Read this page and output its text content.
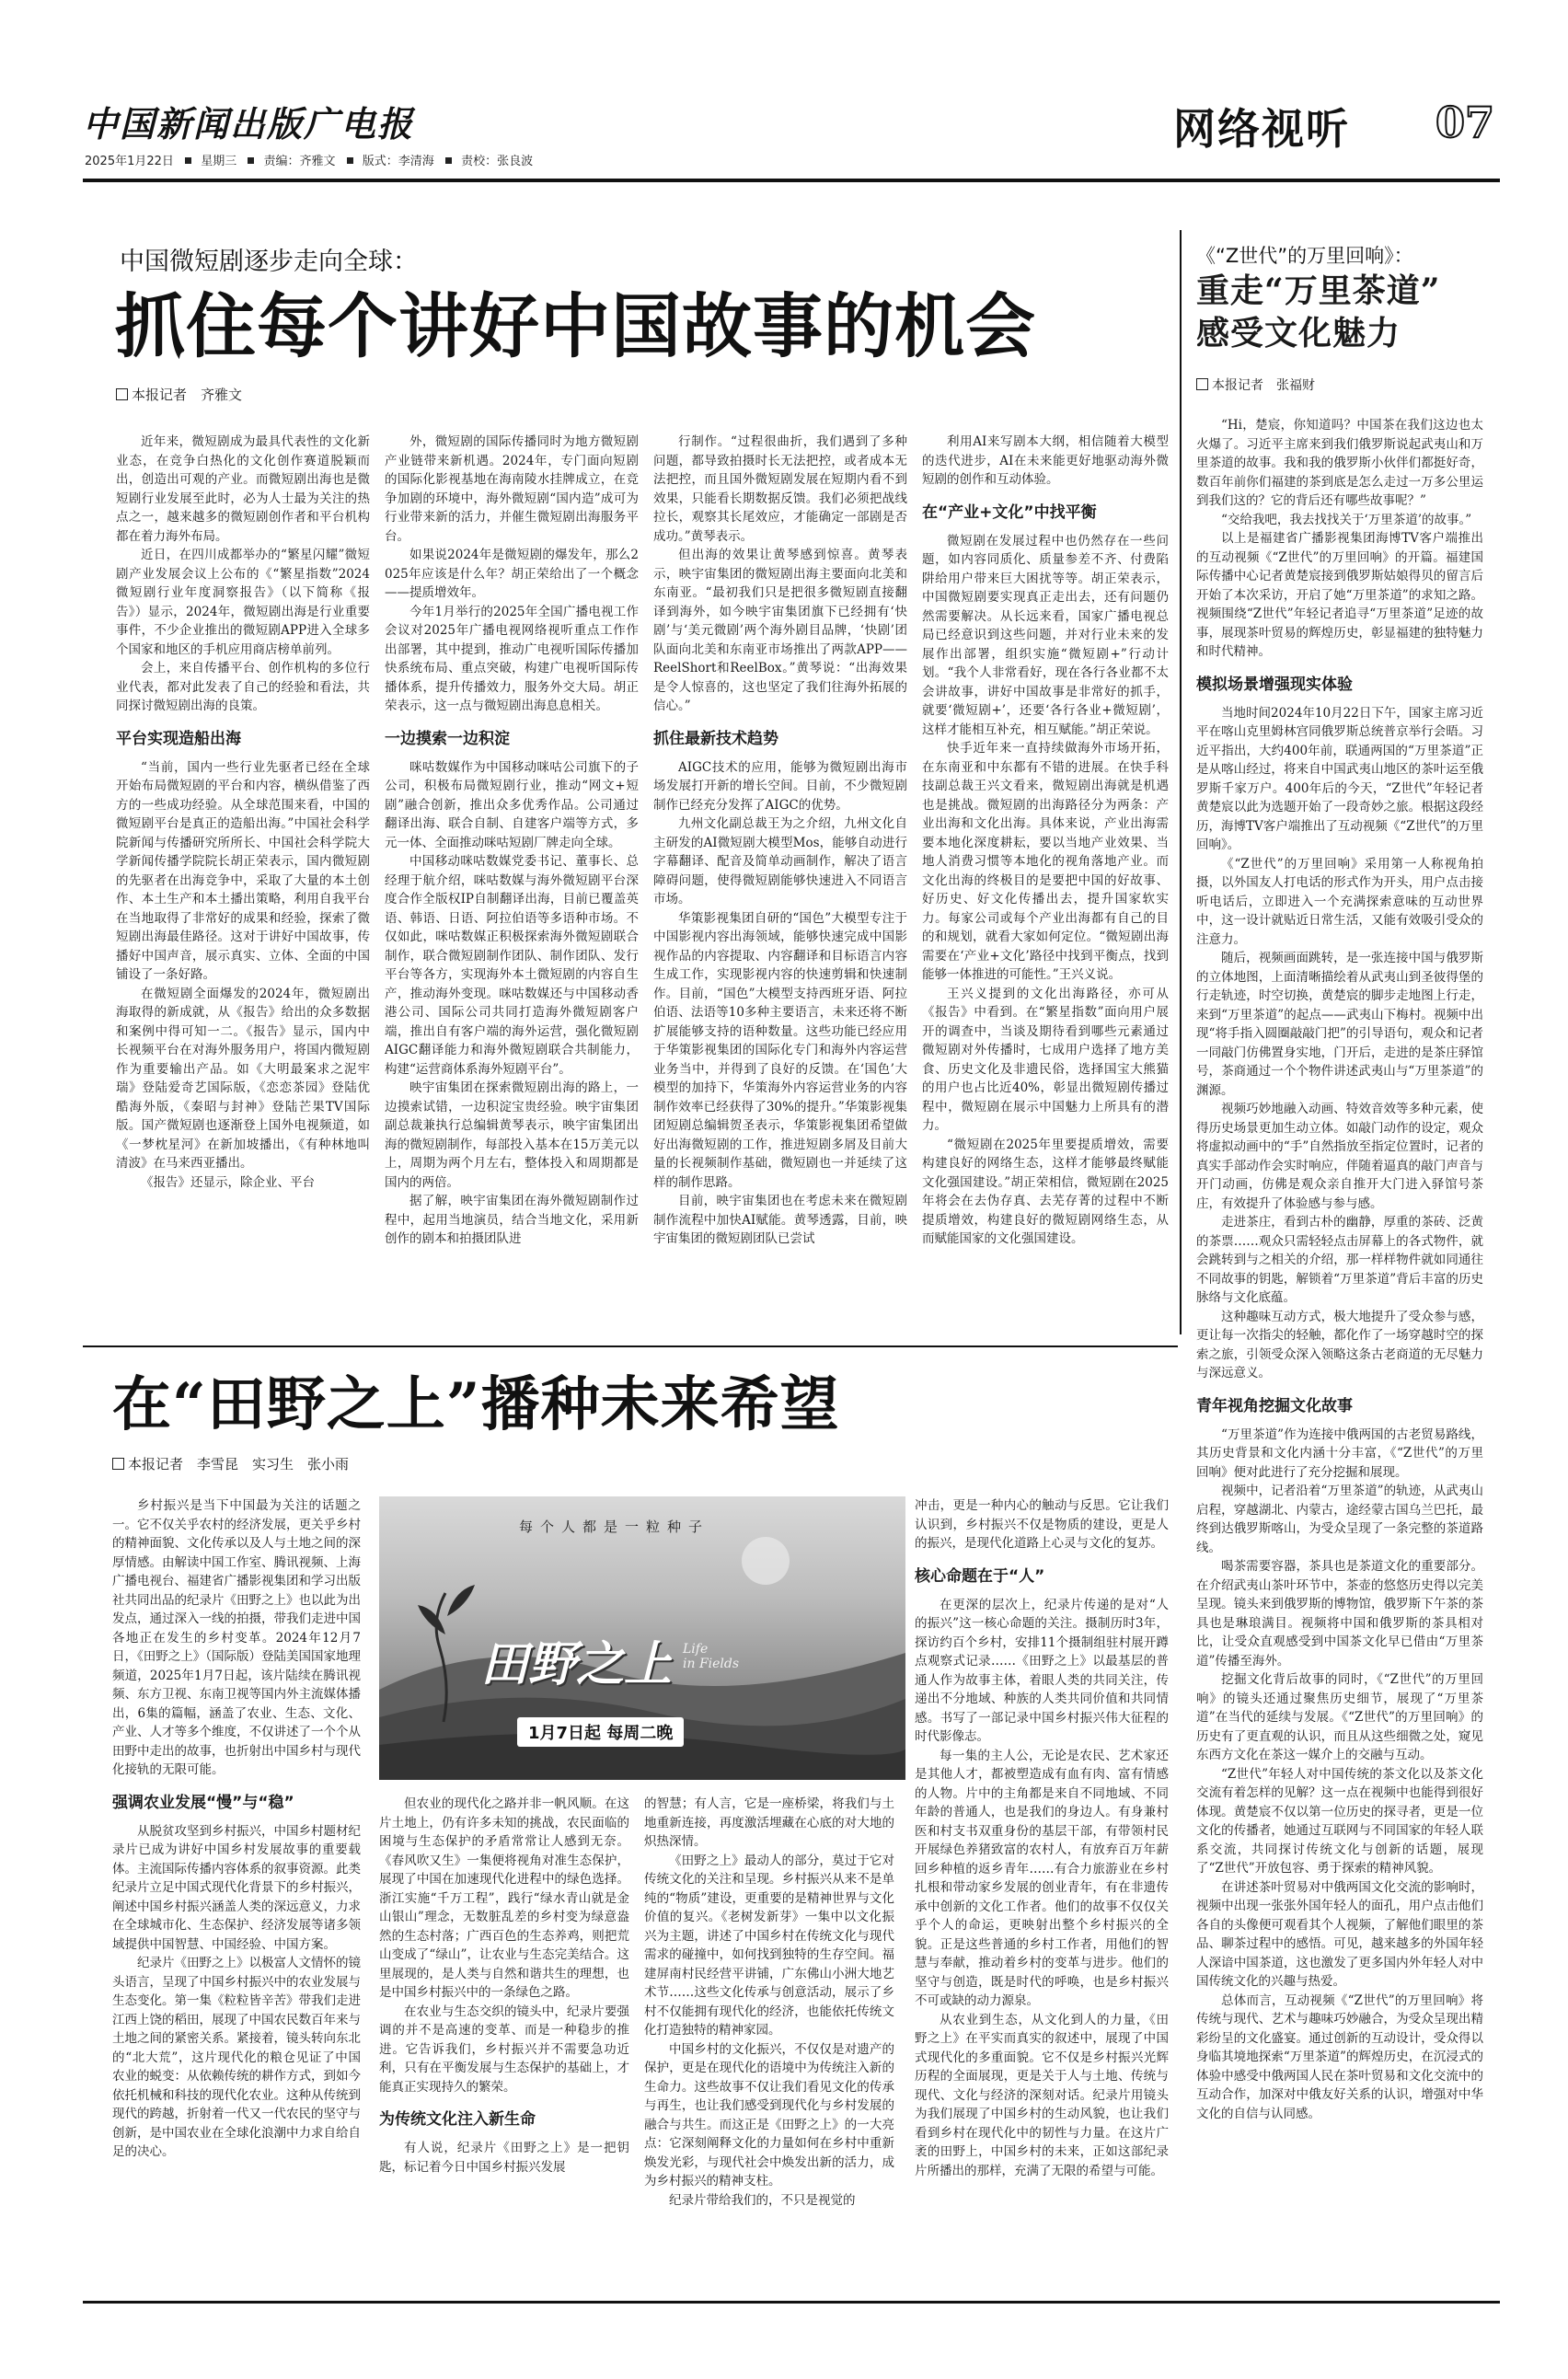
中国新闻出版广电报
2025年1月22日 星期三 责编：齐雅文 版式：李清海 责校：张良波
网络视听 07
中国微短剧逐步走向全球：
抓住每个讲好中国故事的机会
本报记者　齐雅文

近年来，微短剧成为最具代表性的文化新业态，在竞争白热化的文化创作赛道脱颖而出，创造出可观的产业。而微短剧出海也是微短剧行业发展至此时，必为人士最为关注的热点之一，越来越多的微短剧创作者和平台机构都在着力海外布局。

近日，在四川成都举办的“繁星闪耀”微短剧产业发展会议上公布的《“繁星指数”2024微短剧行业年度洞察报告》（以下简称《报告》）显示，2024年，微短剧出海是行业重要事件，不少企业推出的微短剧APP进入全球多个国家和地区的手机应用商店榜单前列。

会上，来自传播平台、创作机构的多位行业代表，都对此发表了自己的经验和看法，共同探讨微短剧出海的良策。

平台实现造船出海

“当前，国内一些行业先驱者已经在全球开始布局微短剧的平台和内容，横纵借鉴了西方的一些成功经验。从全球范围来看，中国的微短剧平台是真正的造船出海。”中国社会科学院新闻与传播研究所所长、中国社会科学院大学新闻传播学院院长胡正荣表示，国内微短剧的先驱者在出海竞争中，采取了大量的本土创作、本土生产和本土播出策略，利用自我平台在当地取得了非常好的成果和经验，探索了微短剧出海最佳路径。这对于讲好中国故事，传播好中国声音，展示真实、立体、全面的中国铺设了一条好路。

在微短剧全面爆发的2024年，微短剧出海取得的新成就，从《报告》给出的众多数据和案例中得可知一二。《报告》显示，国内中长视频平台在对海外服务用户，将国内微短剧作为重要输出产品。如《大明最案求之泥牢瑞》登陆爱奇艺国际版，《恋恋茶园》登陆优酷海外版，《秦昭与封神》登陆芒果TV国际版。国产微短剧也逐渐登上国外电视频道，如《一梦枕星河》在新加坡播出，《有种林地叫清波》在马来西亚播出。

《报告》还显示，除企业、平台

外，微短剧的国际传播同时为地方微短剧产业链带来新机遇。2024年，专门面向短剧的国际化影视基地在海南陵水挂牌成立，在竞争加剧的环境中，海外微短剧“国内造”成可为行业带来新的活力，并催生微短剧出海服务平台。

如果说2024年是微短剧的爆发年，那么2025年应该是什么年？胡正荣给出了一个概念——提质增效年。

今年1月举行的2025年全国广播电视工作会议对2025年广播电视网络视听重点工作作出部署，其中提到，推动广电视听国际传播加快系统布局、重点突破，构建广电视听国际传播体系，提升传播效力，服务外交大局。胡正荣表示，这一点与微短剧出海息息相关。

一边摸索一边积淀

咪咕数媒作为中国移动咪咕公司旗下的子公司，积极布局微短剧行业，推动“网文+短剧”融合创新，推出众多优秀作品。公司通过翻译出海、联合自制、自建客户端等方式，多元一体、全面推动咪咕短剧厂牌走向全球。

中国移动咪咕数媒党委书记、董事长、总经理于航介绍，咪咕数媒与海外微短剧平台深度合作全版权IP自制翻译出海，目前已覆盖英语、韩语、日语、阿拉伯语等多语种市场。不仅如此，咪咕数媒正积极探索海外微短剧联合制作，联合微短剧制作团队、制作团队、发行平台等各方，实现海外本土微短剧的内容自生产，推动海外变现。咪咕数媒还与中国移动香港公司、国际公司共同打造海外微短剧客户端，推出自有客户端的海外运营，强化微短剧AIGC翻译能力和海外微短剧联合共制能力，构建“运营商体系海外短剧平台”。

映宇宙集团在探索微短剧出海的路上，一边摸索试错，一边积淀宝贵经验。映宇宙集团副总裁兼执行总编辑黄琴表示，映宇宙集团出海的微短剧制作，每部投入基本在15万美元以上，周期为两个月左右，整体投入和周期都是国内的两倍。

据了解，映宇宙集团在海外微短剧制作过程中，起用当地演员，结合当地文化，采用新创作的剧本和拍摄团队进

行制作。“过程很曲折，我们遇到了多种问题，都导致拍摄时长无法把控，或者成本无法把控，而且国外微短剧发展在短期内看不到效果，只能看长期数据反馈。我们必须把战线拉长，观察其长尾效应，才能确定一部剧是否成功。”黄琴表示。

但出海的效果让黄琴感到惊喜。黄琴表示，映宇宙集团的微短剧出海主要面向北美和东南亚。“最初我们只是把很多微短剧直接翻译到海外，如今映宇宙集团旗下已经拥有‘快剧’与‘美元微剧’两个海外剧目品牌，‘快剧’团队面向北美和东南亚市场推出了两款APP——ReelShort和ReelBox。”黄琴说：“出海效果是令人惊喜的，这也坚定了我们往海外拓展的信心。”

抓住最新技术趋势

AIGC技术的应用，能够为微短剧出海市场发展打开新的增长空间。目前，不少微短剧制作已经充分发挥了AIGC的优势。

九州文化副总裁王为之介绍，九州文化自主研发的AI微短剧大模型Mos，能够自动进行字幕翻译、配音及简单动画制作，解决了语言障碍问题，使得微短剧能够快速进入不同语言市场。

华策影视集团自研的“国色”大模型专注于中国影视内容出海领域，能够快速完成中国影视作品的内容提取、内容翻译和目标语言内容生成工作，实现影视内容的快速剪辑和快速制作。目前，“国色”大模型支持西班牙语、阿拉伯语、法语等10多种主要语言，未来还将不断扩展能够支持的语种数量。这些功能已经应用于华策影视集团的国际化专门和海外内容运营业务当中，并得到了良好的反馈。在‘国色’大模型的加持下，华策海外内容运营业务的内容制作效率已经获得了30%的提升。”华策影视集团短剧总编辑贺圣表示，华策影视集团希望做好出海微短剧的工作，推进短剧多屑及目前大量的长视频制作基础，微短剧也一并延续了这样的制作思路。

目前，映宇宙集团也在考虑未来在微短剧制作流程中加快AI赋能。黄琴透露，目前，映宇宙集团的微短剧团队已尝试

利用AI来写剧本大纲，相信随着大模型的迭代进步，AI在未来能更好地驱动海外微短剧的创作和互动体验。

在“产业+文化”中找平衡

微短剧在发展过程中也仍然存在一些问题，如内容同质化、质量参差不齐、付费陷阱给用户带来巨大困扰等等。胡正荣表示，中国微短剧要实现真正走出去，还有问题仍然需要解决。从长远来看，国家广播电视总局已经意识到这些问题，并对行业未来的发展作出部署，组织实施“微短剧+”行动计划。“我个人非常看好，现在各行各业都不太会讲故事，讲好中国故事是非常好的抓手，就要‘微短剧+’，还要‘各行各业+微短剧’，这样才能相互补充，相互赋能。”胡正荣说。

快手近年来一直持续做海外市场开拓，在东南亚和中东都有不错的进展。在快手科技副总裁王兴文看来，微短剧出海就是机遇也是挑战。微短剧的出海路径分为两条：产业出海和文化出海。具体来说，产业出海需要本地化深度耕耘，要以当地产业效果、当地人消费习惯等本地化的视角落地产业。而文化出海的终极目的是要把中国的好故事、好历史、好文化传播出去，提升国家软实力。每家公司或每个产业出海都有自己的目的和规划，就看大家如何定位。“微短剧出海需要在‘产业+文化’路径中找到平衡点，找到能够一体推进的可能性。”王兴义说。

王兴义提到的文化出海路径，亦可从《报告》中看到。在“繁星指数”面向用户展开的调查中，当谈及期待看到哪些元素通过微短剧对外传播时，七成用户选择了地方美食、历史文化及非遗民俗，选择国宝大熊猫的用户也占比近40%，彰显出微短剧传播过程中，微短剧在展示中国魅力上所具有的潜力。

“微短剧在2025年里要提质增效，需要构建良好的网络生态，这样才能够最终赋能文化强国建设。”胡正荣相信，微短剧在2025年将会在去伪存真、去芜存菁的过程中不断提质增效，构建良好的微短剧网络生态，从而赋能国家的文化强国建设。

《“Z世代”的万里回响》：
重走“万里茶道”
感受文化魅力
本报记者　张福财

“Hi，楚宸，你知道吗？中国茶在我们这边也太火爆了。习近平主席来到我们俄罗斯说起武夷山和万里茶道的故事。我和我的俄罗斯小伙伴们都挺好奇，数百年前你们福建的茶到底是怎么走过一万多公里运到我们这的？它的背后还有哪些故事呢？”

“交给我吧，我去找找关于‘万里茶道’的故事。”

以上是福建省广播影视集团海博TV客户端推出的互动视频《“Z世代”的万里回响》的开篇。福建国际传播中心记者黄楚宸接到俄罗斯姑娘得贝的留言后开始了本次采访，开启了她“万里茶道”的求知之路。视频围绕“Z世代”年轻记者追寻“万里茶道”足迹的故事，展现茶叶贸易的辉煌历史，彰显福建的独特魅力和时代精神。

模拟场景增强现实体验

当地时间2024年10月22日下午，国家主席习近平在喀山克里姆林宫同俄罗斯总统普京举行会晤。习近平指出，大约400年前，联通两国的“万里茶道”正是从喀山经过，将来自中国武夷山地区的茶叶运至俄罗斯千家万户。400年后的今天，“Z世代”年轻记者黄楚宸以此为选题开始了一段奇妙之旅。根据这段经历，海博TV客户端推出了互动视频《“Z世代”的万里回响》。

《“Z世代”的万里回响》采用第一人称视角拍摄，以外国友人打电话的形式作为开头，用户点击接听电话后，立即进入一个充满探索意味的互动世界中，这一设计就贴近日常生活，又能有效吸引受众的注意力。

随后，视频画面跳转，是一张连接中国与俄罗斯的立体地图，上面清晰描绘着从武夷山到圣彼得堡的行走轨迹，时空切换，黄楚宸的脚步走地图上行走，来到“万里茶道”的起点——武夷山下梅村。视频中出现“将手指入圆圈敲敲门把”的引导语句，观众和记者一同敲门仿佛置身实地，门开后，走进的是茶庄驿馆号，茶商通过一个个物件讲述武夷山与“万里茶道”的渊源。

视频巧妙地融入动画、特效音效等多种元素，使得历史场景更加生动立体。如敲门动作的设定，观众将虚拟动画中的“手”自然指放至指定位置时，记者的真实手部动作会实时响应，伴随着逼真的敲门声音与开门动画，仿佛是观众亲自推开大门进入驿馆号茶庄，有效提升了体验感与参与感。

走进茶庄，看到古朴的幽静，厚重的茶砖、泛黄的茶票……观众只需轻轻点击屏幕上的各式物件，就会跳转到与之相关的介绍，那一样样物件就如同通往不同故事的钥匙，解锁着“万里茶道”背后丰富的历史脉络与文化底蕴。

这种趣味互动方式，极大地提升了受众参与感，更让每一次指尖的轻触，都化作了一场穿越时空的探索之旅，引领受众深入领略这条古老商道的无尽魅力与深远意义。

青年视角挖掘文化故事

“万里茶道”作为连接中俄两国的古老贸易路线，其历史背景和文化内涵十分丰富，《“Z世代”的万里回响》便对此进行了充分挖掘和展现。

视频中，记者沿着“万里茶道”的轨迹，从武夷山启程，穿越湖北、内蒙古，途经蒙古国乌兰巴托，最终到达俄罗斯喀山，为受众呈现了一条完整的茶道路线。

喝茶需要容器，茶具也是茶道文化的重要部分。在介绍武夷山茶叶环节中，茶壶的悠悠历史得以完美呈现。镜头来到俄罗斯的博物馆，俄罗斯下午茶的茶具也是琳琅满目。视频将中国和俄罗斯的茶具相对比，让受众直观感受到中国茶文化早已借由“万里茶道”传播至海外。

挖掘文化背后故事的同时，《“Z世代”的万里回响》的镜头还通过聚焦历史细节，展现了“万里茶道”在当代的延续与发展。《“Z世代”的万里回响》的历史有了更直观的认识，而且从这些细微之处，窥见东西方文化在茶这一媒介上的交融与互动。

“Z世代”年轻人对中国传统的茶文化以及茶文化交流有着怎样的见解？这一点在视频中也能得到很好体现。黄楚宸不仅以第一位历史的探寻者，更是一位文化的传播者，她通过互联网与不同国家的年轻人联系交流，共同探讨传统文化与创新的话题，展现了“Z世代”开放包容、勇于探索的精神风貌。

在讲述茶叶贸易对中俄两国文化交流的影响时，视频中出现一张张外国年轻人的面孔，用户点击他们各自的头像便可观看其个人视频，了解他们眼里的茶品、聊茶过程中的感悟。可见，越来越多的外国年轻人深谙中国茶道，这也激发了更多国内外年轻人对中国传统文化的兴趣与热爱。

总体而言，互动视频《“Z世代”的万里回响》将传统与现代、艺术与趣味巧妙融合，为受众呈现出精彩纷呈的文化盛宴。通过创新的互动设计，受众得以身临其境地探索“万里茶道”的辉煌历史，在沉浸式的体验中感受中俄两国人民在茶叶贸易和文化交流中的互动合作，加深对中俄友好关系的认识，增强对中华文化的自信与认同感。

在“田野之上”播种未来希望
本报记者　李雪昆　实习生　张小雨

乡村振兴是当下中国最为关注的话题之一。它不仅关乎农村的经济发展，更关乎乡村的精神面貌、文化传承以及人与土地之间的深厚情感。由解读中国工作室、腾讯视频、上海广播电视台、福建省广播影视集团和学习出版社共同出品的纪录片《田野之上》也以此为出发点，通过深入一线的拍摄，带我们走进中国各地正在发生的乡村变革。2024年12月7日，《田野之上》（国际版）登陆美国国家地理频道，2025年1月7日起，该片陆续在腾讯视频、东方卫视、东南卫视等国内外主流媒体播出，6集的篇幅，涵盖了农业、生态、文化、产业、人才等多个维度，不仅讲述了一个个从田野中走出的故事，也折射出中国乡村与现代化接轨的无限可能。

强调农业发展“慢”与“稳”

从脱贫攻坚到乡村振兴，中国乡村题材纪录片已成为讲好中国乡村发展故事的重要载体。主流国际传播内容体系的叙事资源。此类纪录片立足中国式现代化背景下的乡村振兴，阐述中国乡村振兴涵盖人类的深远意义，力求在全球城市化、生态保护、经济发展等诸多领域提供中国智慧、中国经验、中国方案。

纪录片《田野之上》以极富人文情怀的镜头语言，呈现了中国乡村振兴中的农业发展与生态变化。第一集《粒粒皆辛苦》带我们走进江西上饶的稻田，展现了中国农民数百年来与土地之间的紧密关系。紧接着，镜头转向东北的“北大荒”，这片现代化的粮仓见证了中国农业的蜕变：从依赖传统的耕作方式，到如今依托机械和科技的现代化农业。这种从传统到现代的跨越，折射着一代又一代农民的坚守与创新，是中国农业在全球化浪潮中力求自给自足的决心。

每个人都是一粒种子
田野之上 Life
in Fields
1月7日起 每周二晚

但农业的现代化之路并非一帆风顺。在这片土地上，仍有许多未知的挑战，农民面临的困境与生态保护的矛盾常常让人感到无奈。《春风吹又生》一集便将视角对准生态保护，展现了中国在加速现代化进程中的绿色选择。浙江实施“千万工程”，践行“绿水青山就是金山银山”理念，无数脏乱差的乡村变为绿意盎然的生态村落；广西百色的生态养鸡，则把荒山变成了“绿山”，让农业与生态完美结合。这里展现的，是人类与自然和谐共生的理想，也是中国乡村振兴中的一条绿色之路。

在农业与生态交织的镜头中，纪录片要强调的并不是高速的变革、而是一种稳步的推进。它告诉我们，乡村振兴并不需要急功近利，只有在平衡发展与生态保护的基础上，才能真正实现持久的繁荣。

为传统文化注入新生命

有人说，纪录片《田野之上》是一把钥匙，标记着今日中国乡村振兴发展

的智慧；有人言，它是一座桥梁，将我们与土地重新连接，再度激活埋藏在心底的对大地的炽热深情。

《田野之上》最动人的部分，莫过于它对传统文化的关注和呈现。乡村振兴从来不是单纯的“物质”建设，更重要的是精神世界与文化价值的复兴。《老树发新芽》一集中以文化振兴为主题，讲述了中国乡村在传统文化与现代需求的碰撞中，如何找到独特的生存空间。福建屏南村民经营平讲铺，广东佛山小洲大地艺术节……这些文化传承与创意活动，展示了乡村不仅能拥有现代化的经济，也能依托传统文化打造独特的精神家园。

中国乡村的文化振兴，不仅仅是对遗产的保护，更是在现代化的语境中为传统注入新的生命力。这些故事不仅让我们看见文化的传承与再生，也让我们感受到现代化与乡村发展的融合与共生。而这正是《田野之上》的一大亮点：它深刻阐释文化的力量如何在乡村中重新焕发光彩，与现代社会中焕发出新的活力，成为乡村振兴的精神支柱。

纪录片带给我们的，不只是视觉的

冲击，更是一种内心的触动与反思。它让我们认识到，乡村振兴不仅是物质的建设，更是人的振兴，是现代化道路上心灵与文化的复苏。

核心命题在于“人”

在更深的层次上，纪录片传递的是对“人的振兴”这一核心命题的关注。摄制历时3年，探访约百个乡村，安排11个摄制组驻村展开蹲点观察式记录……《田野之上》以最基层的普通人作为故事主体，着眼人类的共同关注，传递出不分地域、种族的人类共同价值和共同情感。书写了一部记录中国乡村振兴伟大征程的时代影像志。

每一集的主人公，无论是农民、艺术家还是其他人才，都被塑造成有血有肉、富有情感的人物。片中的主角都是来自不同地域、不同年龄的普通人，也是我们的身边人。有身兼村医和村支书双重身份的基层干部，有带领村民开展绿色养猪致富的农村人，有放弃百万年薪回乡种植的返乡青年……有合力旅游业在乡村扎根和带动家乡发展的创业青年，有在非遗传承中创新的文化工作者。他们的故事不仅仅关乎个人的命运，更映射出整个乡村振兴的全貌。正是这些普通的乡村工作者，用他们的智慧与奉献，推动着乡村的变革与进步。他们的坚守与创造，既是时代的呼唤，也是乡村振兴不可或缺的动力源泉。

从农业到生态，从文化到人的力量，《田野之上》在平实而真实的叙述中，展现了中国式现代化的多重面貌。它不仅是乡村振兴光辉历程的全面展现，更是关于人与土地、传统与现代、文化与经济的深刻对话。纪录片用镜头为我们展现了中国乡村的生动风貌，也让我们看到乡村在现代化中的韧性与力量。在这片广袤的田野上，中国乡村的未来，正如这部纪录片所播出的那样，充满了无限的希望与可能。
